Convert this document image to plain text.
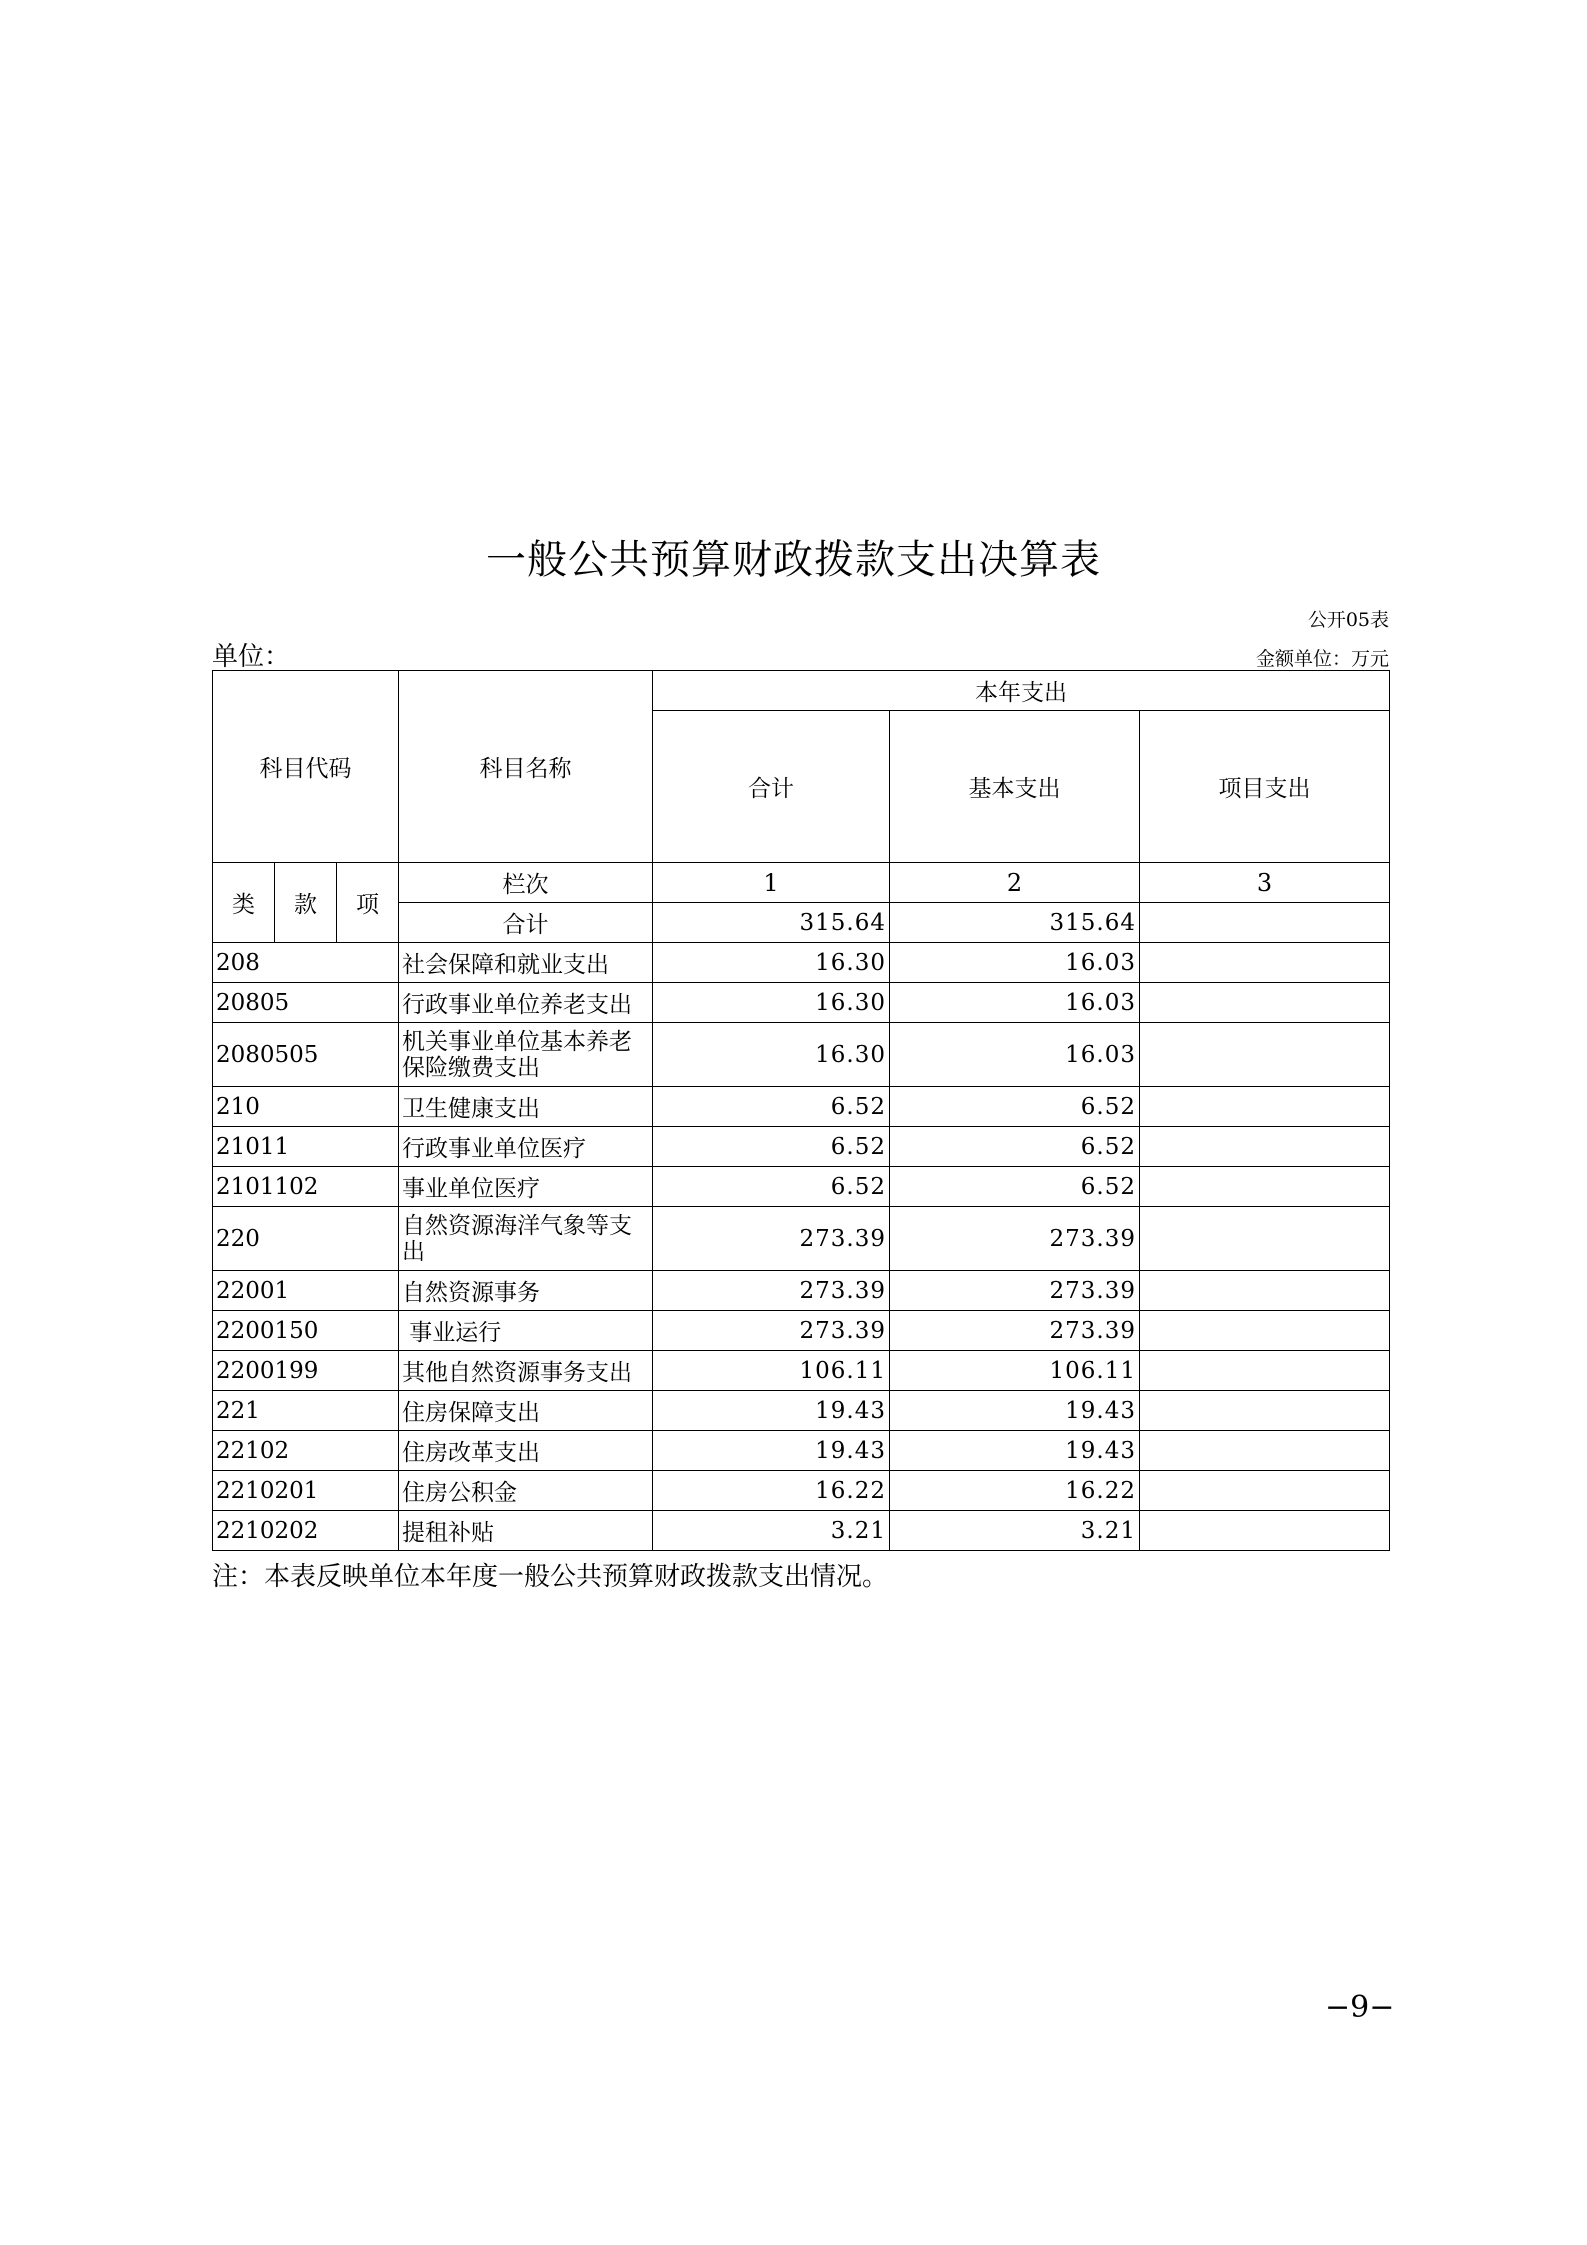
一般公共预算财政拨款支出决算表
公开05表
单位：	金额单位：万元
科目代码			科目名称	本年支出		
				合计	基本支出	项目支出
类	款	项	栏次	1	2	3
			合计	315.64	315.64	
208			社会保障和就业支出	16.30	16.03	
20805			行政事业单位养老支出	16.30	16.03	
2080505			机关事业单位基本养老保险缴费支出	16.30	16.03	
210			卫生健康支出	6.52	6.52	
21011			行政事业单位医疗	6.52	6.52	
2101102			事业单位医疗	6.52	6.52	
220			自然资源海洋气象等支出	273.39	273.39	
22001			自然资源事务	273.39	273.39	
2200150			事业运行	273.39	273.39	
2200199			其他自然资源事务支出	106.11	106.11	
221			住房保障支出	19.43	19.43	
22102			住房改革支出	19.43	19.43	
2210201			住房公积金	16.22	16.22	
2210202			提租补贴	3.21	3.21	
注：本表反映单位本年度一般公共预算财政拨款支出情况。
−9−
